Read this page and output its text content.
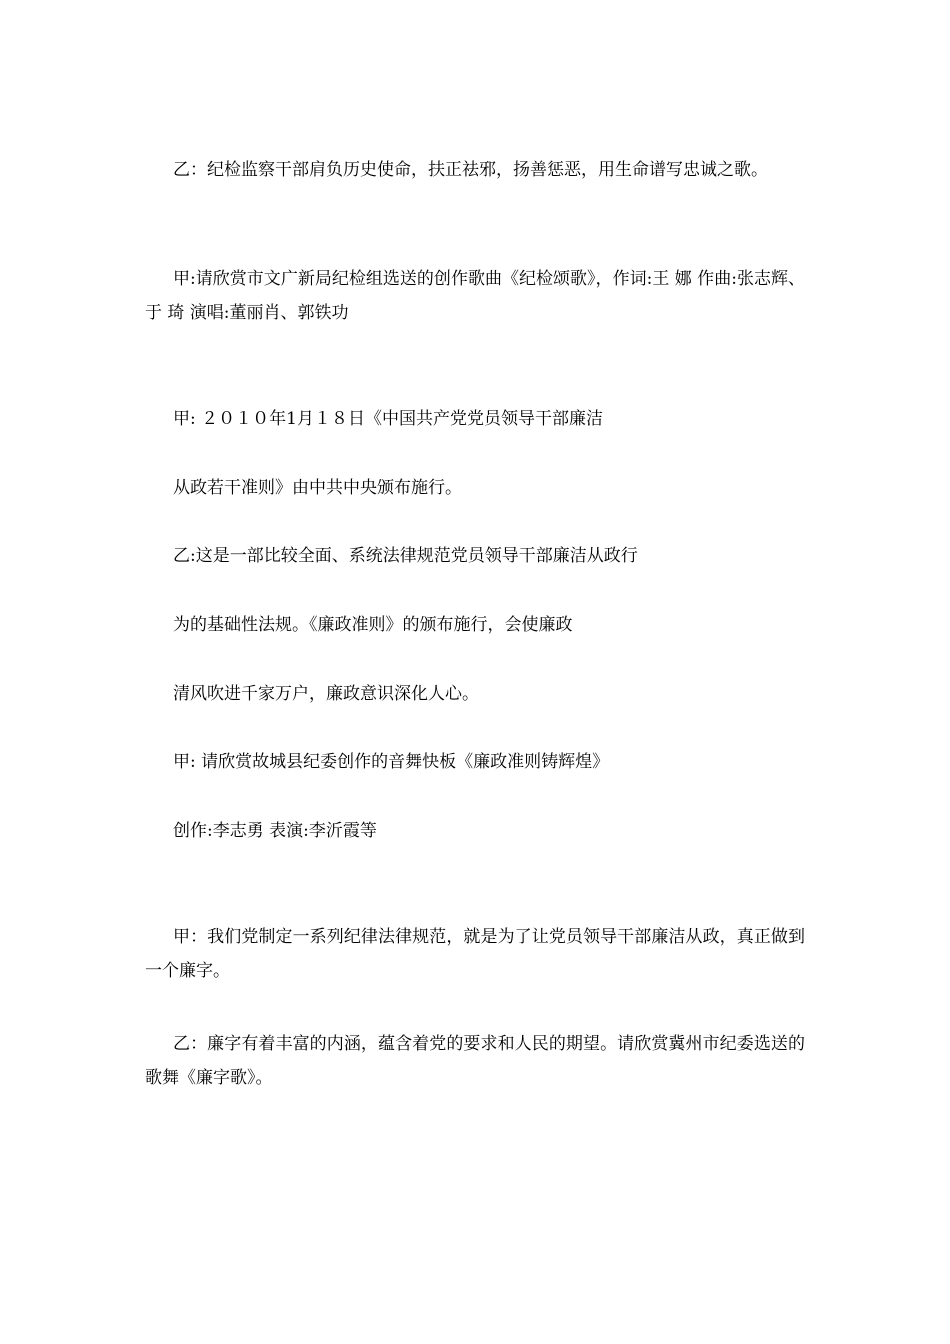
乙：纪检监察干部肩负历史使命，扶正祛邪，扬善惩恶，用生命谱写忠诚之歌。
甲:请欣赏市文广新局纪检组选送的创作歌曲《纪检颂歌》，作词:王 娜 作曲:张志辉、于 琦 演唱:董丽肖、郭铁功
甲: ２０１０年1月１８日《中国共产党党员领导干部廉洁
从政若干准则》由中共中央颁布施行。
乙:这是一部比较全面、系统法律规范党员领导干部廉洁从政行
为的基础性法规。《廉政准则》的颁布施行，会使廉政
清风吹进千家万户，廉政意识深化人心。
甲: 请欣赏故城县纪委创作的音舞快板《廉政准则铸辉煌》
创作:李志勇 表演:李沂霞等
甲：我们党制定一系列纪律法律规范，就是为了让党员领导干部廉洁从政，真正做到一个廉字。
乙：廉字有着丰富的内涵，蕴含着党的要求和人民的期望。请欣赏冀州市纪委选送的歌舞《廉字歌》。
